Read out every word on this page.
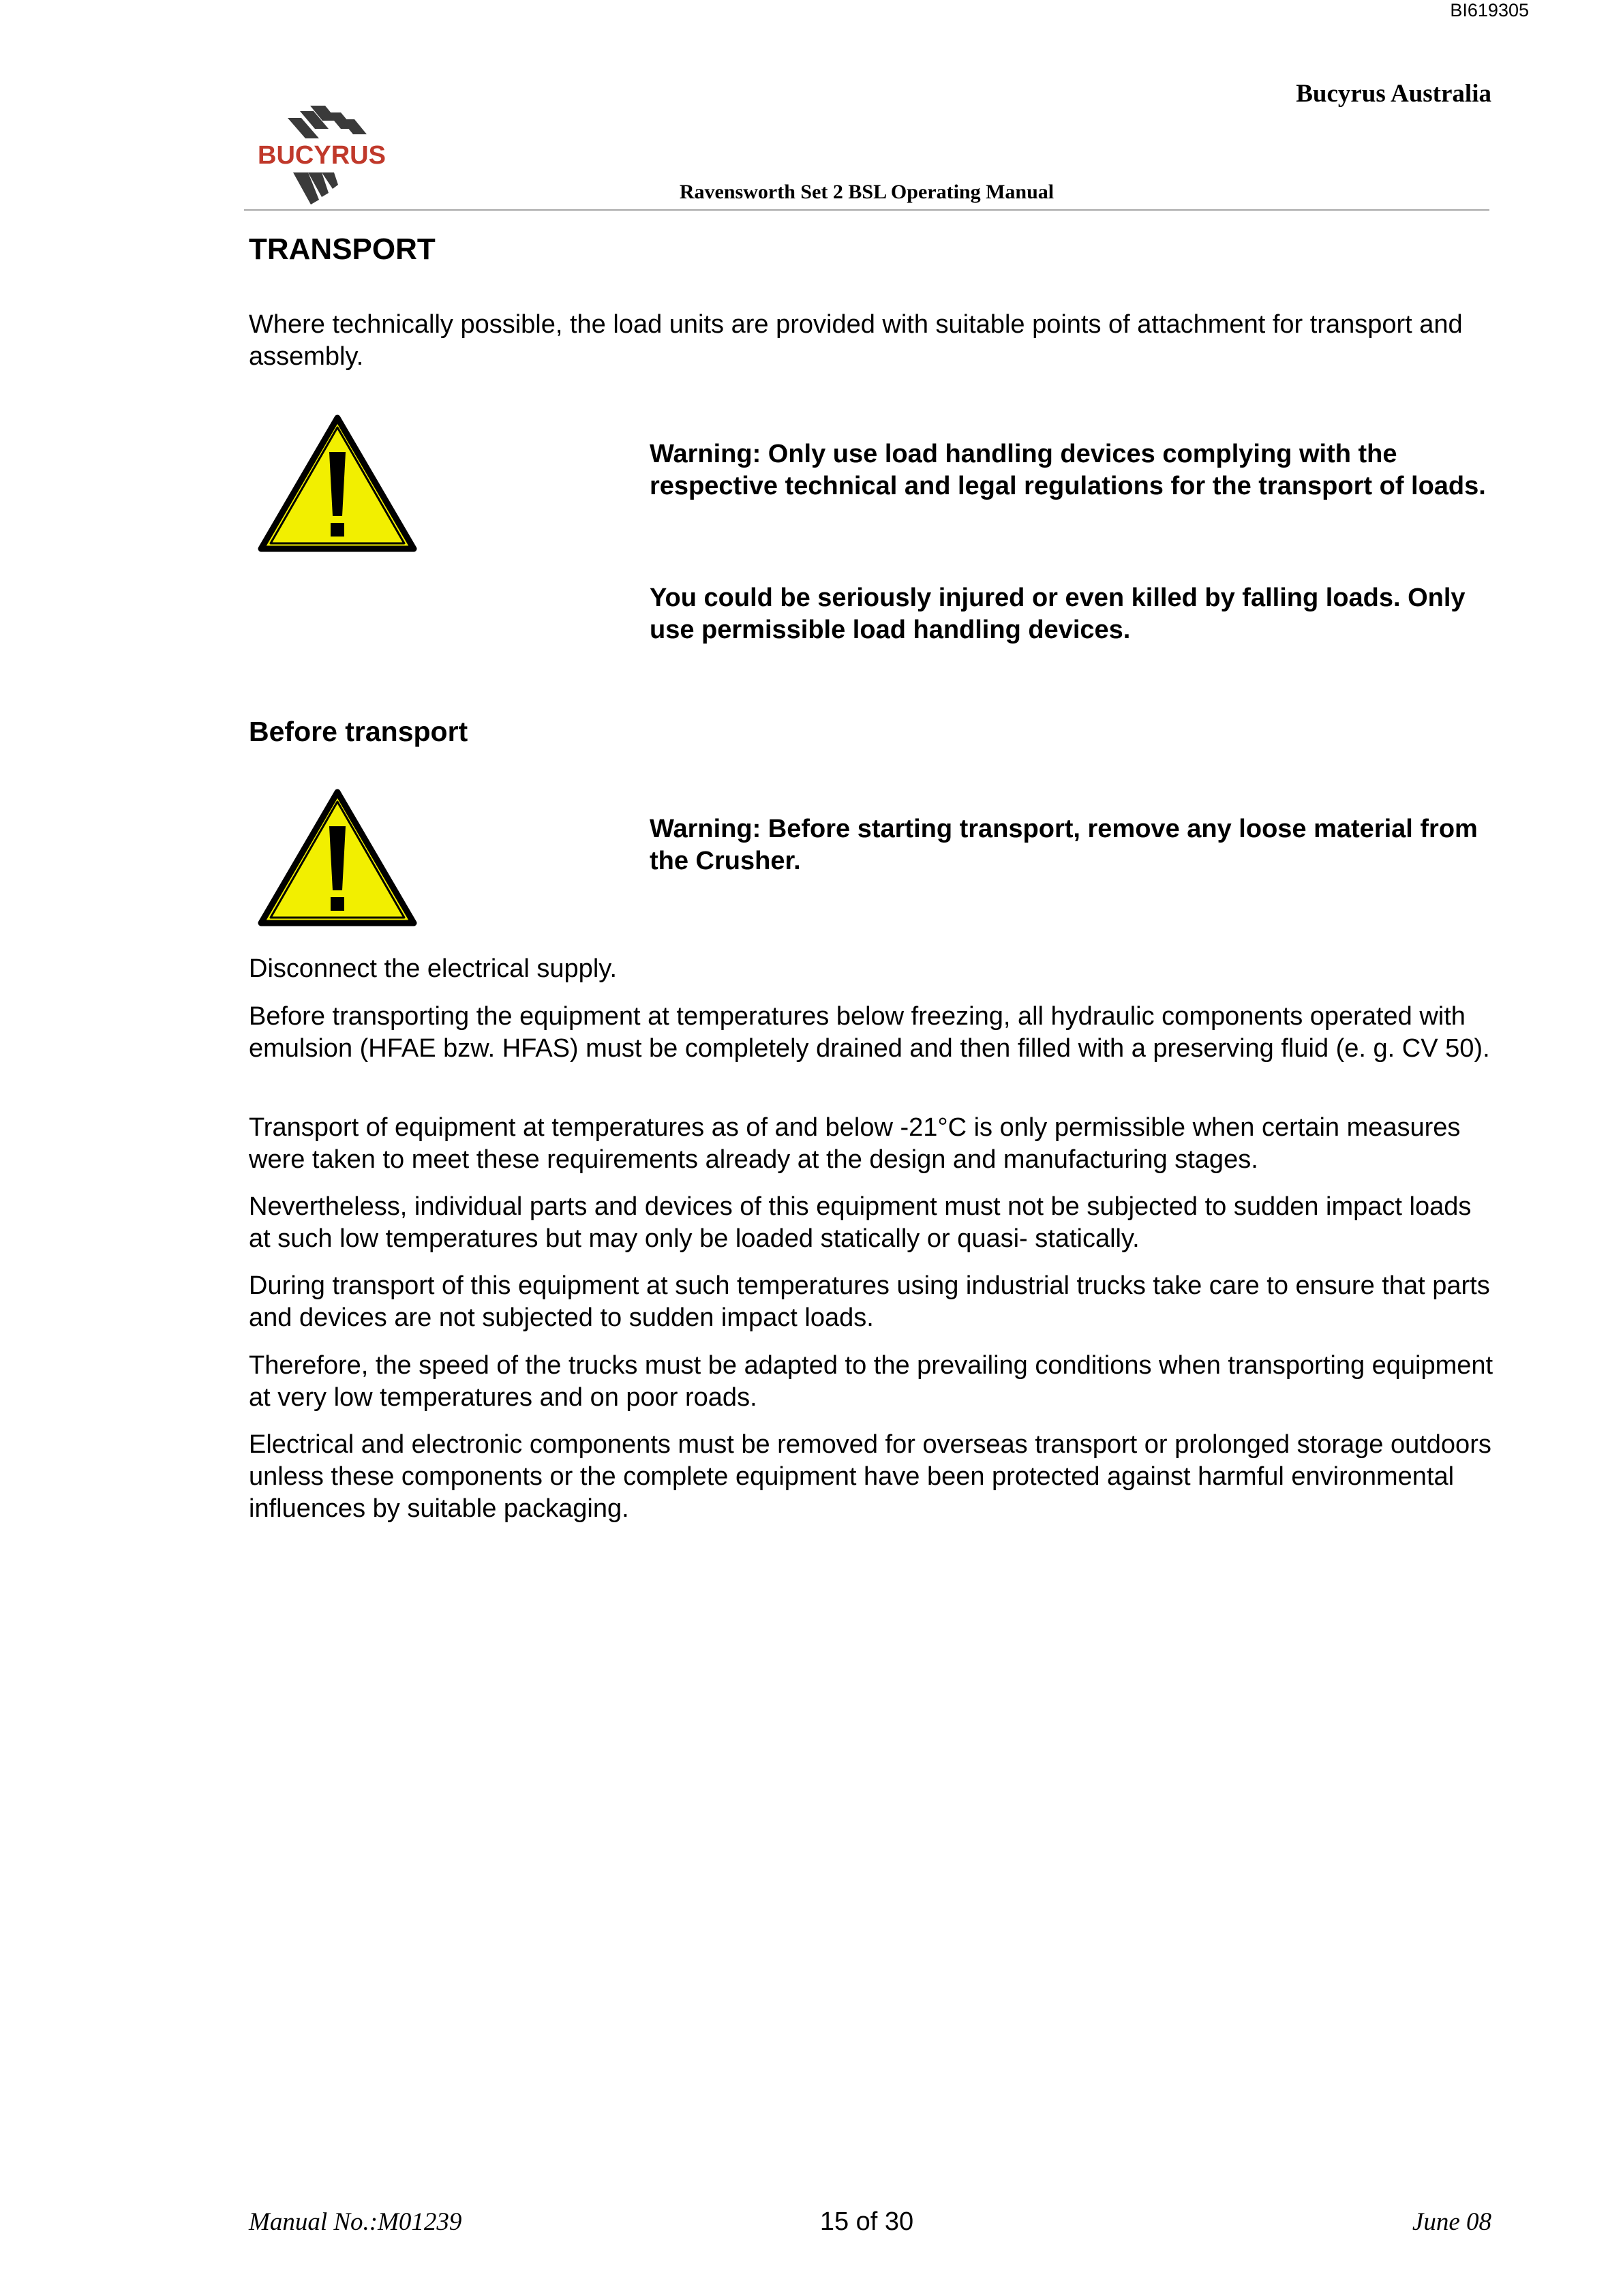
BI619305
Bucyrus Australia
BUCYRUS
Ravensworth Set 2 BSL Operating Manual
TRANSPORT
Where technically possible, the load units are provided with suitable points of attachment for transport and assembly.
Warning: Only use load handling devices complying with the respective technical and legal regulations for the transport of loads.
You could be seriously injured or even killed by falling loads. Only use permissible load handling devices.
Before transport
Warning: Before starting transport, remove any loose material from the Crusher.
Disconnect the electrical supply.
Before transporting the equipment at temperatures below freezing, all hydraulic components operated with emulsion (HFAE bzw. HFAS) must be completely drained and then filled with a preserving fluid (e. g. CV 50).
Transport of equipment at temperatures as of and below -21°C is only permissible when certain measures were taken to meet these requirements already at the design and manufacturing stages.
Nevertheless, individual parts and devices of this equipment must not be subjected to sudden impact loads at such low temperatures but may only be loaded statically or quasi- statically.
During transport of this equipment at such temperatures using industrial trucks take care to ensure that parts and devices are not subjected to sudden impact loads.
Therefore, the speed of the trucks must be adapted to the prevailing conditions when transporting equipment at very low temperatures and on poor roads.
Electrical and electronic components must be removed for overseas transport or prolonged storage outdoors unless these components or the complete equipment have been protected against harmful environmental influences by suitable packaging.
Manual No.:M01239	15 of 30	June 08
